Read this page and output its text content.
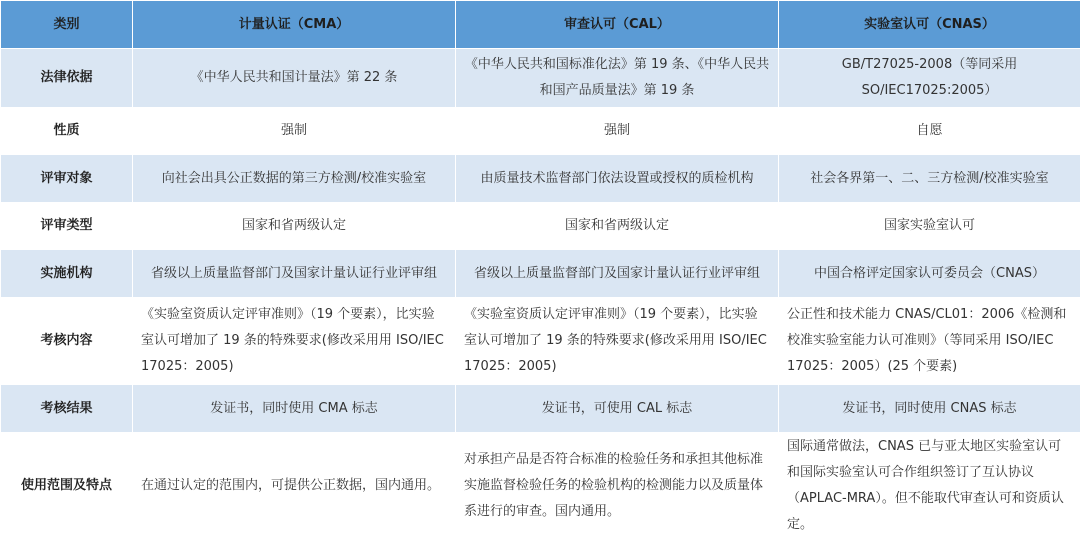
类别	计量认证（CMA）	审查认可（CAL）	实验室认可（CNAS）
法律依据	《中华人民共和国计量法》第 22 条	《中华人民共和国标准化法》第 19 条、《中华人民共和国产品质量法》第 19 条	GB/T27025-2008（等同采用 SO/IEC17025:2005）
性质	强制	强制	自愿
评审对象	向社会出具公正数据的第三方检测/校准实验室	由质量技术监督部门依法设置或授权的质检机构	社会各界第一、二、三方检测/校准实验室
评审类型	国家和省两级认定	国家和省两级认定	国家实验室认可
实施机构	省级以上质量监督部门及国家计量认证行业评审组	省级以上质量监督部门及国家计量认证行业评审组	中国合格评定国家认可委员会（CNAS）
考核内容	《实验室资质认定评审准则》（19 个要素），比实验室认可增加了 19 条的特殊要求(修改采用用 ISO/IEC 17025：2005)	《实验室资质认定评审准则》（19 个要素），比实验室认可增加了 19 条的特殊要求(修改采用用 ISO/IEC 17025：2005)	公正性和技术能力 CNAS/CL01：2006《检测和校准实验室能力认可准则》（等同采用 ISO/IEC 17025：2005）(25 个要素)
考核结果	发证书，同时使用 CMA 标志	发证书，可使用 CAL 标志	发证书，同时使用 CNAS 标志
使用范围及特点	在通过认定的范围内，可提供公正数据，国内通用。	对承担产品是否符合标准的检验任务和承担其他标准实施监督检验任务的检验机构的检测能力以及质量体系进行的审查。国内通用。	国际通常做法，CNAS 已与亚太地区实验室认可和国际实验室认可合作组织签订了互认协议（APLAC-MRA）。但不能取代审查认可和资质认定。
